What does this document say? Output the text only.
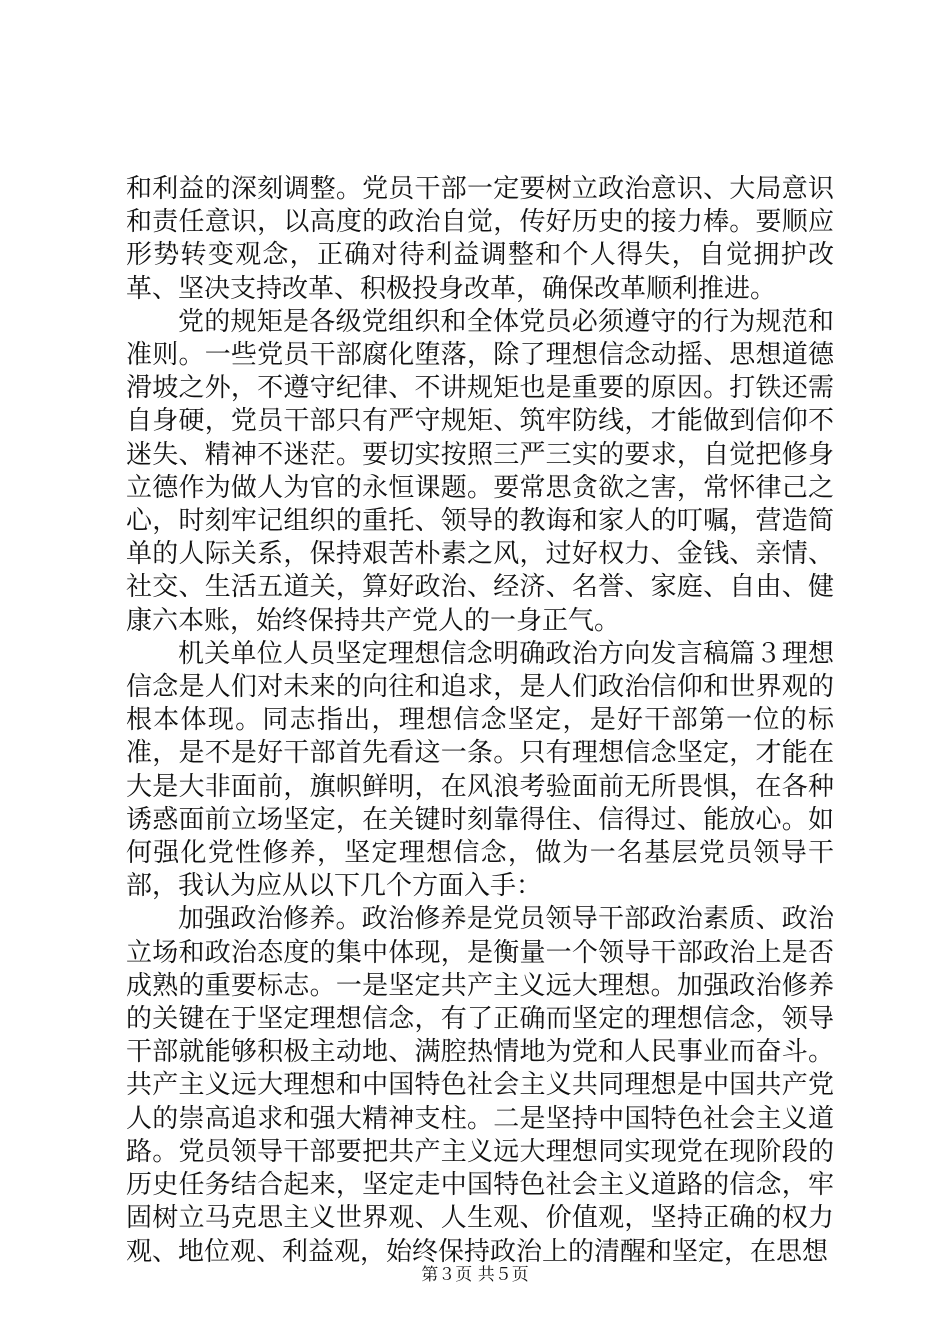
和利益的深刻调整。党员干部一定要树立政治意识、大局意识和责任意识，以高度的政治自觉，传好历史的接力棒。要顺应形势转变观念，正确对待利益调整和个人得失，自觉拥护改革、坚决支持改革、积极投身改革，确保改革顺利推进。

党的规矩是各级党组织和全体党员必须遵守的行为规范和准则。一些党员干部腐化堕落，除了理想信念动摇、思想道德滑坡之外，不遵守纪律、不讲规矩也是重要的原因。打铁还需自身硬，党员干部只有严守规矩、筑牢防线，才能做到信仰不迷失、精神不迷茫。要切实按照三严三实的要求，自觉把修身立德作为做人为官的永恒课题。要常思贪欲之害，常怀律己之心，时刻牢记组织的重托、领导的教诲和家人的叮嘱，营造简单的人际关系，保持艰苦朴素之风，过好权力、金钱、亲情、社交、生活五道关，算好政治、经济、名誉、家庭、自由、健康六本账，始终保持共产党人的一身正气。

机关单位人员坚定理想信念明确政治方向发言稿篇３理想信念是人们对未来的向往和追求，是人们政治信仰和世界观的根本体现。同志指出，理想信念坚定，是好干部第一位的标准，是不是好干部首先看这一条。只有理想信念坚定，才能在大是大非面前，旗帜鲜明，在风浪考验面前无所畏惧，在各种诱惑面前立场坚定，在关键时刻靠得住、信得过、能放心。如何强化党性修养，坚定理想信念，做为一名基层党员领导干部，我认为应从以下几个方面入手：

加强政治修养。政治修养是党员领导干部政治素质、政治立场和政治态度的集中体现，是衡量一个领导干部政治上是否成熟的重要标志。一是坚定共产主义远大理想。加强政治修养的关键在于坚定理想信念，有了正确而坚定的理想信念，领导干部就能够积极主动地、满腔热情地为党和人民事业而奋斗。共产主义远大理想和中国特色社会主义共同理想是中国共产党人的崇高追求和强大精神支柱。二是坚持中国特色社会主义道路。党员领导干部要把共产主义远大理想同实现党在现阶段的历史任务结合起来，坚定走中国特色社会主义道路的信念，牢固树立马克思主义世界观、人生观、价值观，坚持正确的权力观、地位观、利益观，始终保持政治上的清醒和坚定，在思想

第３页 共５页
